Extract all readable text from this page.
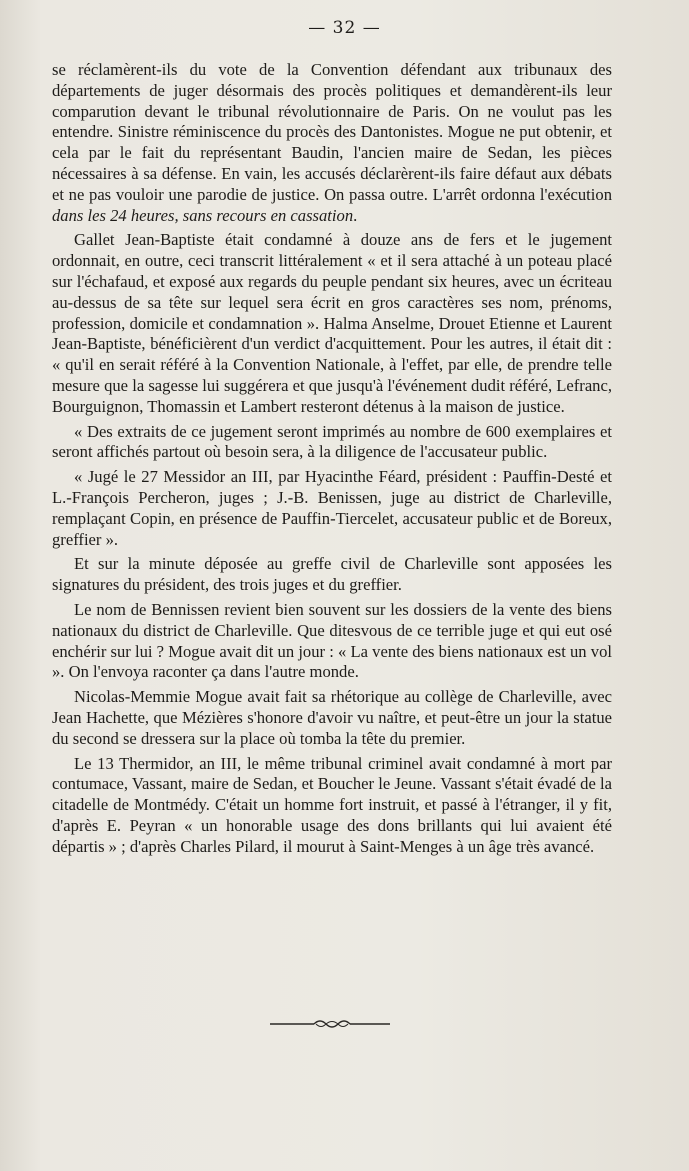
— 32 —

se réclamèrent-ils du vote de la Convention défendant aux tribunaux des départements de juger désormais des procès politiques et demandèrent-ils leur comparution devant le tribunal révolutionnaire de Paris. On ne voulut pas les entendre. Sinistre réminiscence du procès des Dantonistes. Mogue ne put obtenir, et cela par le fait du représentant Baudin, l'ancien maire de Sedan, les pièces nécessaires à sa défense. En vain, les accusés déclarèrent-ils faire défaut aux débats et ne pas vouloir une parodie de justice. On passa outre. L'arrêt ordonna l'exécution dans les 24 heures, sans recours en cassation.

Gallet Jean-Baptiste était condamné à douze ans de fers et le jugement ordonnait, en outre, ceci transcrit littéralement « et il sera attaché à un poteau placé sur l'échafaud, et exposé aux regards du peuple pendant six heures, avec un écriteau au-dessus de sa tête sur lequel sera écrit en gros caractères ses nom, prénoms, profession, domicile et condamnation ». Halma Anselme, Drouet Etienne et Laurent Jean-Baptiste, bénéficièrent d'un verdict d'acquittement. Pour les autres, il était dit : « qu'il en serait référé à la Convention Nationale, à l'effet, par elle, de prendre telle mesure que la sagesse lui suggérera et que jusqu'à l'événement dudit référé, Lefranc, Bourguignon, Thomassin et Lambert resteront détenus à la maison de justice.

« Des extraits de ce jugement seront imprimés au nombre de 600 exemplaires et seront affichés partout où besoin sera, à la diligence de l'accusateur public.

« Jugé le 27 Messidor an III, par Hyacinthe Féard, président : Pauffin-Desté et L.-François Percheron, juges ; J.-B. Benissen, juge au district de Charleville, remplaçant Copin, en présence de Pauffin-Tiercelet, accusateur public et de Boreux, greffier ».

Et sur la minute déposée au greffe civil de Charleville sont apposées les signatures du président, des trois juges et du greffier.

Le nom de Bennissen revient bien souvent sur les dossiers de la vente des biens nationaux du district de Charleville. Que ditesvous de ce terrible juge et qui eut osé enchérir sur lui ? Mogue avait dit un jour : « La vente des biens nationaux est un vol ». On l'envoya raconter ça dans l'autre monde.

Nicolas-Memmie Mogue avait fait sa rhétorique au collège de Charleville, avec Jean Hachette, que Mézières s'honore d'avoir vu naître, et peut-être un jour la statue du second se dressera sur la place où tomba la tête du premier.

Le 13 Thermidor, an III, le même tribunal criminel avait condamné à mort par contumace, Vassant, maire de Sedan, et Boucher le Jeune. Vassant s'était évadé de la citadelle de Montmédy. C'était un homme fort instruit, et passé à l'étranger, il y fit, d'après E. Peyran « un honorable usage des dons brillants qui lui avaient été départis » ; d'après Charles Pilard, il mourut à Saint-Menges à un âge très avancé.
